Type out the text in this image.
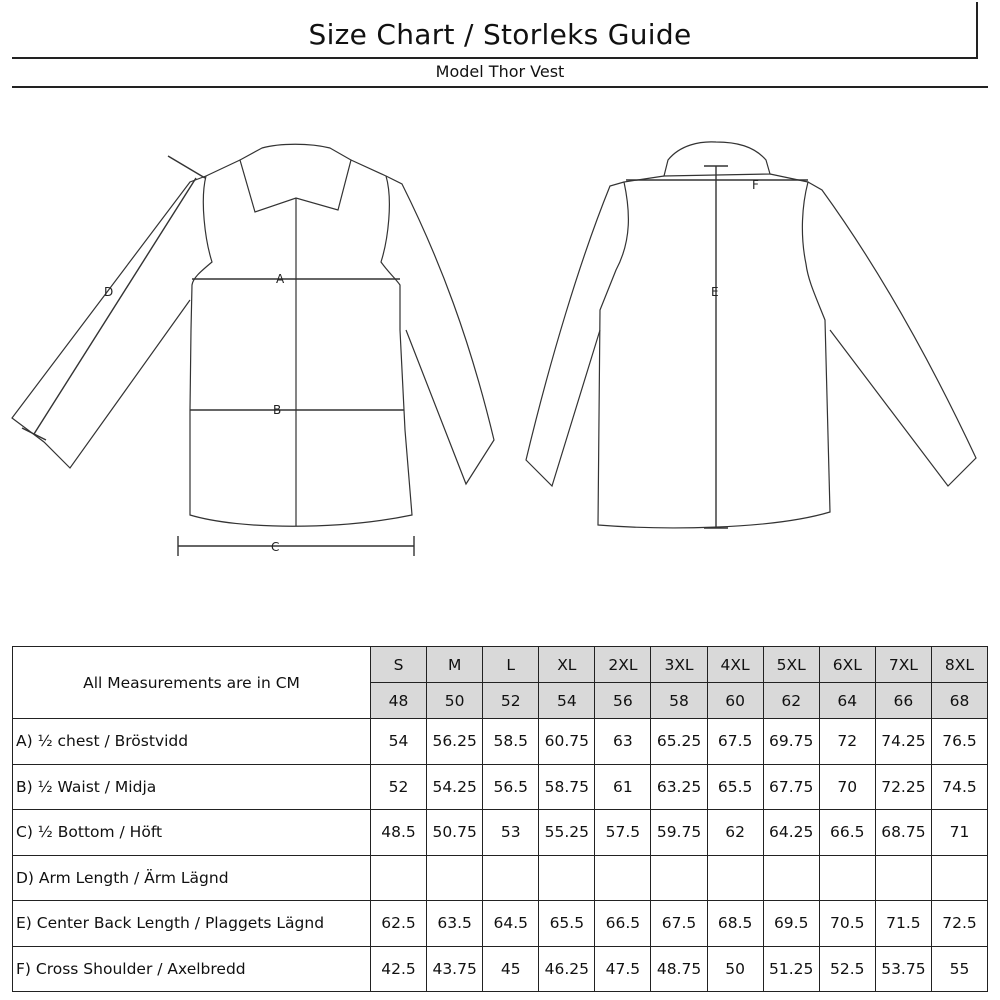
Size Chart / Storleks Guide
Model Thor Vest
A
B
C
D
F
E
All Measurements are in CM	S	M	L	XL	2XL	3XL	4XL	5XL	6XL	7XL	8XL
	48	50	52	54	56	58	60	62	64	66	68
A) ½ chest / Bröstvidd	54	56.25	58.5	60.75	63	65.25	67.5	69.75	72	74.25	76.5
B) ½ Waist / Midja	52	54.25	56.5	58.75	61	63.25	65.5	67.75	70	72.25	74.5
C) ½ Bottom / Höft	48.5	50.75	53	55.25	57.5	59.75	62	64.25	66.5	68.75	71
D) Arm Length / Ärm Lägnd											
E) Center Back Length / Plaggets Lägnd	62.5	63.5	64.5	65.5	66.5	67.5	68.5	69.5	70.5	71.5	72.5
F) Cross Shoulder / Axelbredd	42.5	43.75	45	46.25	47.5	48.75	50	51.25	52.5	53.75	55
